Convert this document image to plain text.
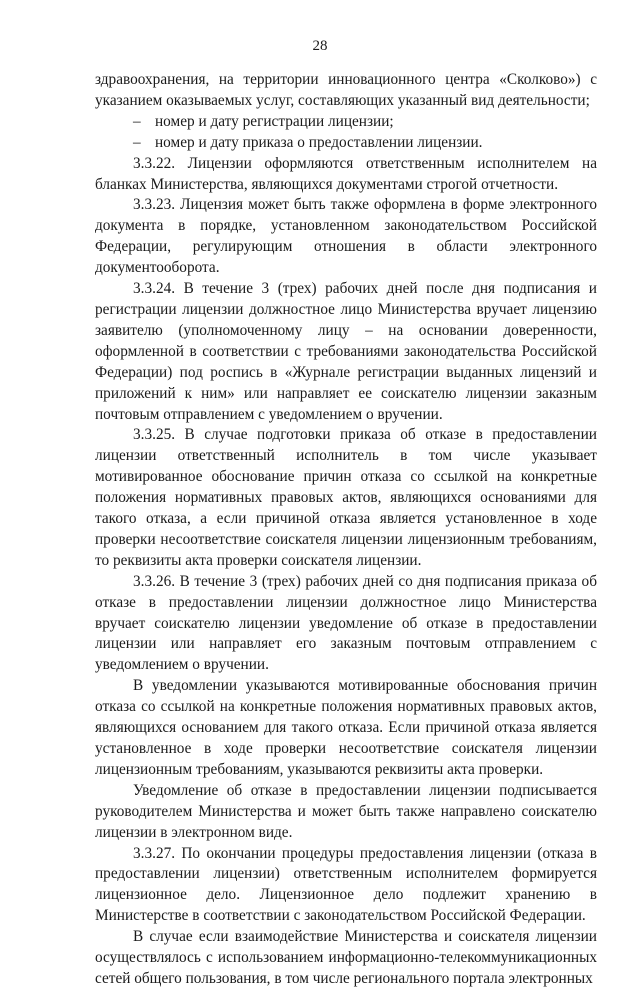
28

здравоохранения, на территории инновационного центра «Сколково») с указанием оказываемых услуг, составляющих указанный вид деятельности;

– номер и дату регистрации лицензии;

– номер и дату приказа о предоставлении лицензии.

3.3.22. Лицензии оформляются ответственным исполнителем на бланках Министерства, являющихся документами строгой отчетности.

3.3.23. Лицензия может быть также оформлена в форме электронного документа в порядке, установленном законодательством Российской Федерации, регулирующим отношения в области электронного документооборота.

3.3.24. В течение 3 (трех) рабочих дней после дня подписания и регистрации лицензии должностное лицо Министерства вручает лицензию заявителю (уполномоченному лицу – на основании доверенности, оформленной в соответствии с требованиями законодательства Российской Федерации) под роспись в «Журнале регистрации выданных лицензий и приложений к ним» или направляет ее соискателю лицензии заказным почтовым отправлением с уведомлением о вручении.

3.3.25. В случае подготовки приказа об отказе в предоставлении лицензии ответственный исполнитель в том числе указывает мотивированное обоснование причин отказа со ссылкой на конкретные положения нормативных правовых актов, являющихся основаниями для такого отказа, а если причиной отказа является установленное в ходе проверки несоответствие соискателя лицензии лицензионным требованиям, то реквизиты акта проверки соискателя лицензии.

3.3.26. В течение 3 (трех) рабочих дней со дня подписания приказа об отказе в предоставлении лицензии должностное лицо Министерства вручает соискателю лицензии уведомление об отказе в предоставлении лицензии или направляет его заказным почтовым отправлением с уведомлением о вручении.

В уведомлении указываются мотивированные обоснования причин отказа со ссылкой на конкретные положения нормативных правовых актов, являющихся основанием для такого отказа. Если причиной отказа является установленное в ходе проверки несоответствие соискателя лицензии лицензионным требованиям, указываются реквизиты акта проверки.

Уведомление об отказе в предоставлении лицензии подписывается руководителем Министерства и может быть также направлено соискателю лицензии в электронном виде.

3.3.27. По окончании процедуры предоставления лицензии (отказа в предоставлении лицензии) ответственным исполнителем формируется лицензионное дело. Лицензионное дело подлежит хранению в Министерстве в соответствии с законодательством Российской Федерации.

В случае если взаимодействие Министерства и соискателя лицензии осуществлялось с использованием информационно-телекоммуникационных сетей общего пользования, в том числе регионального портала электронных
